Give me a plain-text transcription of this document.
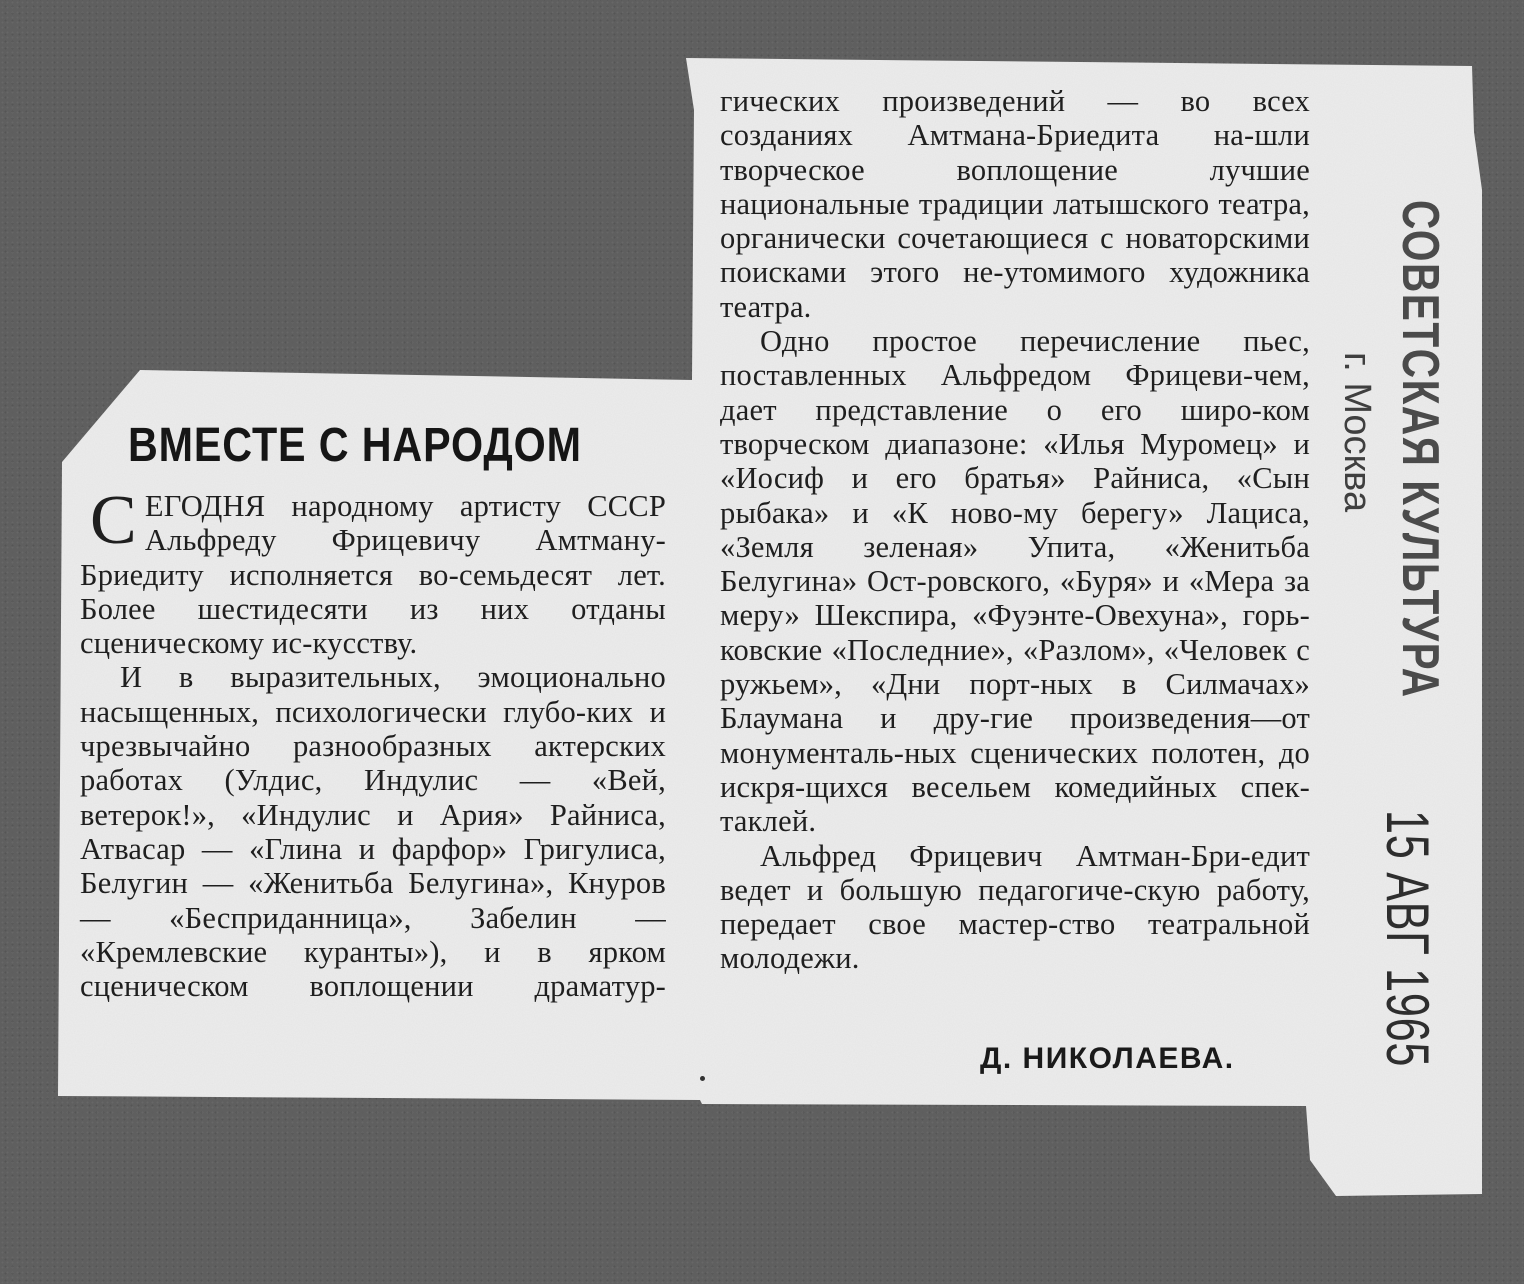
ВМЕСТЕ С НАРОДОМ

СЕГОДНЯ народному артисту СССР Альфреду Фрицевичу Амтману-Бриедиту исполняется во-семьдесят лет. Более шестидесяти из них отданы сценическому ис-кусству.

И в выразительных, эмоционально насыщенных, психологически глубо-ких и чрезвычайно разнообразных актерских работах (Улдис, Индулис — «Вей, ветерок!», «Индулис и Ария» Райниса, Атвасар — «Глина и фарфор» Григулиса, Белугин — «Женитьба Белугина», Кнуров — «Бесприданница», Забелин — «Кремлевские куранты»), и в ярком сценическом воплощении драматур-

гических произведений — во всех созданиях Амтмана-Бриедита на-шли творческое воплощение лучшие национальные традиции латышского театра, органически сочетающиеся с новаторскими поисками этого не-утомимого художника театра.

Одно простое перечисление пьес, поставленных Альфредом Фрицеви-чем, дает представление о его широ-ком творческом диапазоне: «Илья Муромец» и «Иосиф и его братья» Райниса, «Сын рыбака» и «К ново-му берегу» Лациса, «Земля зеленая» Упита, «Женитьба Белугина» Ост-ровского, «Буря» и «Мера за меру» Шекспира, «Фуэнте-Овехуна», горь-ковские «Последние», «Разлом», «Человек с ружьем», «Дни порт-ных в Силмачах» Блаумана и дру-гие произведения—от монументаль-ных сценических полотен, до искря-щихся весельем комедийных спек-таклей.

Альфред Фрицевич Амтман-Бри-едит ведет и большую педагогиче-скую работу, передает свое мастер-ство театральной молодежи.

Д. НИКОЛАЕВА.
СОВЕТСКАЯ КУЛЬТУРА
г. Москва
15 АВГ 1965
